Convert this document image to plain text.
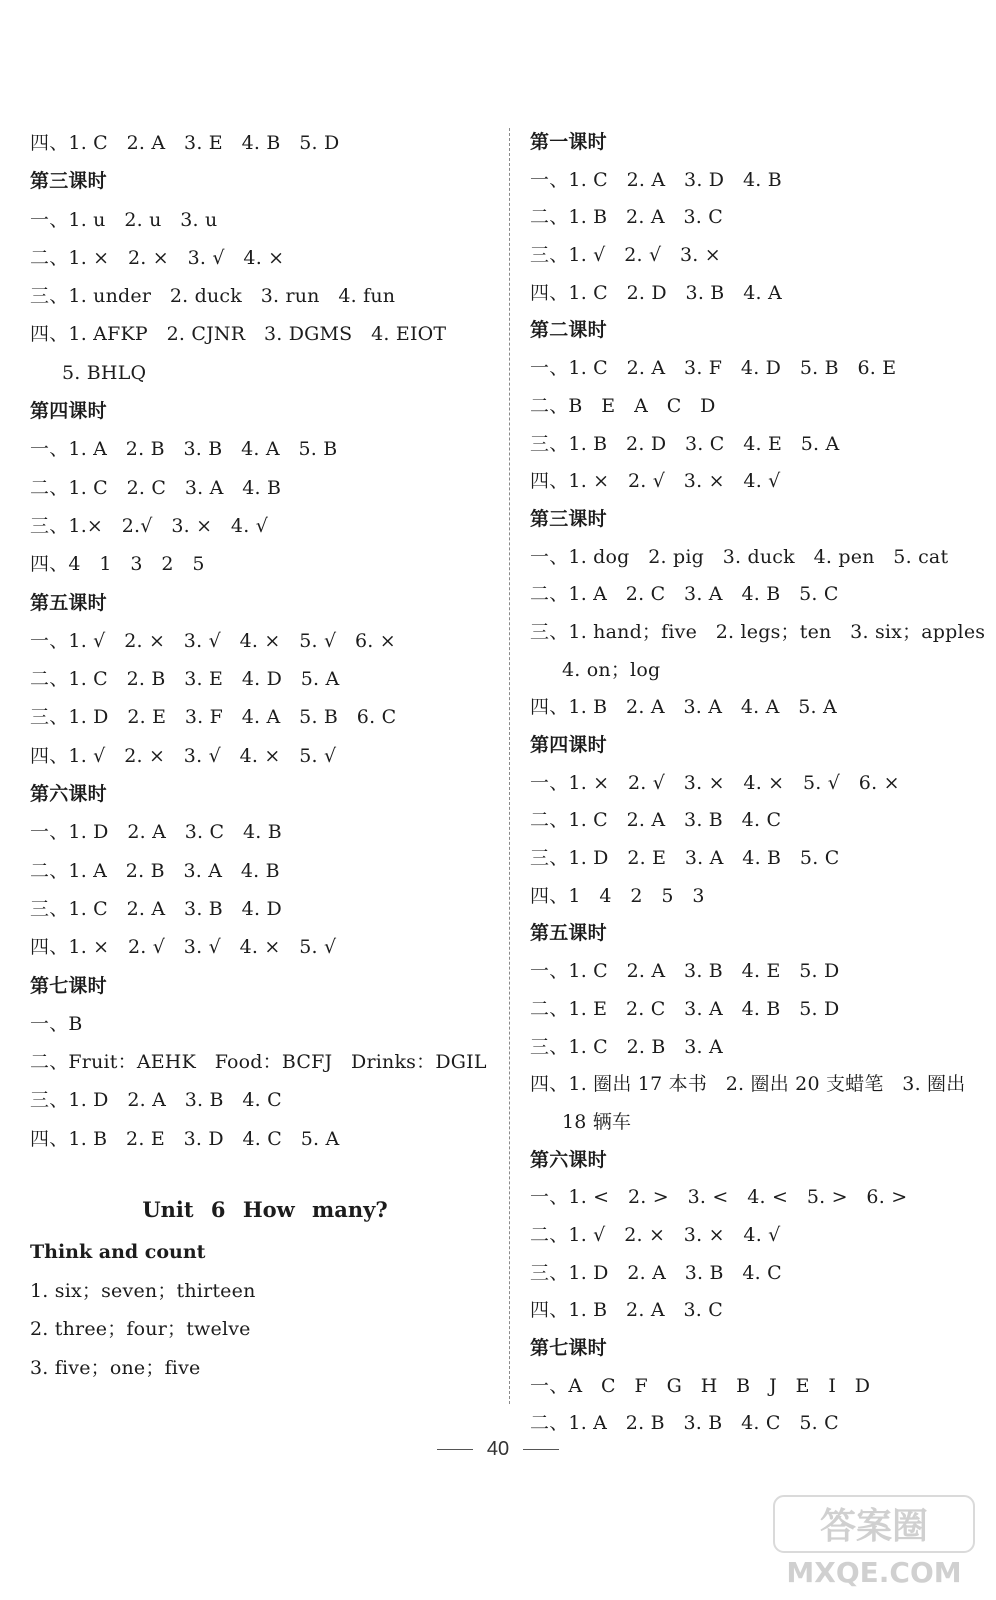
四、1. C   2. A   3. E   4. B   5. D
第三课时
一、1. u   2. u   3. u
二、1. ×   2. ×   3. √   4. ×
三、1. under   2. duck   3. run   4. fun
四、1. AFKP   2. CJNR   3. DGMS   4. EIOT
5. BHLQ
第四课时
一、1. A   2. B   3. B   4. A   5. B
二、1. C   2. C   3. A   4. B
三、1.×   2.√   3. ×   4. √
四、4   1   3   2   5
第五课时
一、1. √   2. ×   3. √   4. ×   5. √   6. ×
二、1. C   2. B   3. E   4. D   5. A
三、1. D   2. E   3. F   4. A   5. B   6. C
四、1. √   2. ×   3. √   4. ×   5. √
第六课时
一、1. D   2. A   3. C   4. B
二、1. A   2. B   3. A   4. B
三、1. C   2. A   3. B   4. D
四、1. ×   2. √   3. √   4. ×   5. √
第七课时
一、B
二、Fruit：AEHK   Food：BCFJ   Drinks：DGIL
三、1. D   2. A   3. B   4. C
四、1. B   2. E   3. D   4. C   5. A
Unit 6 How many?
Think and count
1. six；seven；thirteen
2. three；four；twelve
3. five；one；five
第一课时
一、1. C   2. A   3. D   4. B
二、1. B   2. A   3. C
三、1. √   2. √   3. ×
四、1. C   2. D   3. B   4. A
第二课时
一、1. C   2. A   3. F   4. D   5. B   6. E
二、B   E   A   C   D
三、1. B   2. D   3. C   4. E   5. A
四、1. ×   2. √   3. ×   4. √
第三课时
一、1. dog   2. pig   3. duck   4. pen   5. cat
二、1. A   2. C   3. A   4. B   5. C
三、1. hand；five   2. legs；ten   3. six；apples
4. on；log
四、1. B   2. A   3. A   4. A   5. A
第四课时
一、1. ×   2. √   3. ×   4. ×   5. √   6. ×
二、1. C   2. A   3. B   4. C
三、1. D   2. E   3. A   4. B   5. C
四、1   4   2   5   3
第五课时
一、1. C   2. A   3. B   4. E   5. D
二、1. E   2. C   3. A   4. B   5. D
三、1. C   2. B   3. A
四、1. 圈出 17 本书   2. 圈出 20 支蜡笔   3. 圈出
18 辆车
第六课时
一、1. <   2. >   3. <   4. <   5. >   6. >
二、1. √   2. ×   3. ×   4. √
三、1. D   2. A   3. B   4. C
四、1. B   2. A   3. C
第七课时
一、A   C   F   G   H   B   J   E   I   D
二、1. A   2. B   3. B   4. C   5. C
40
答案圈
MXQE.COM
